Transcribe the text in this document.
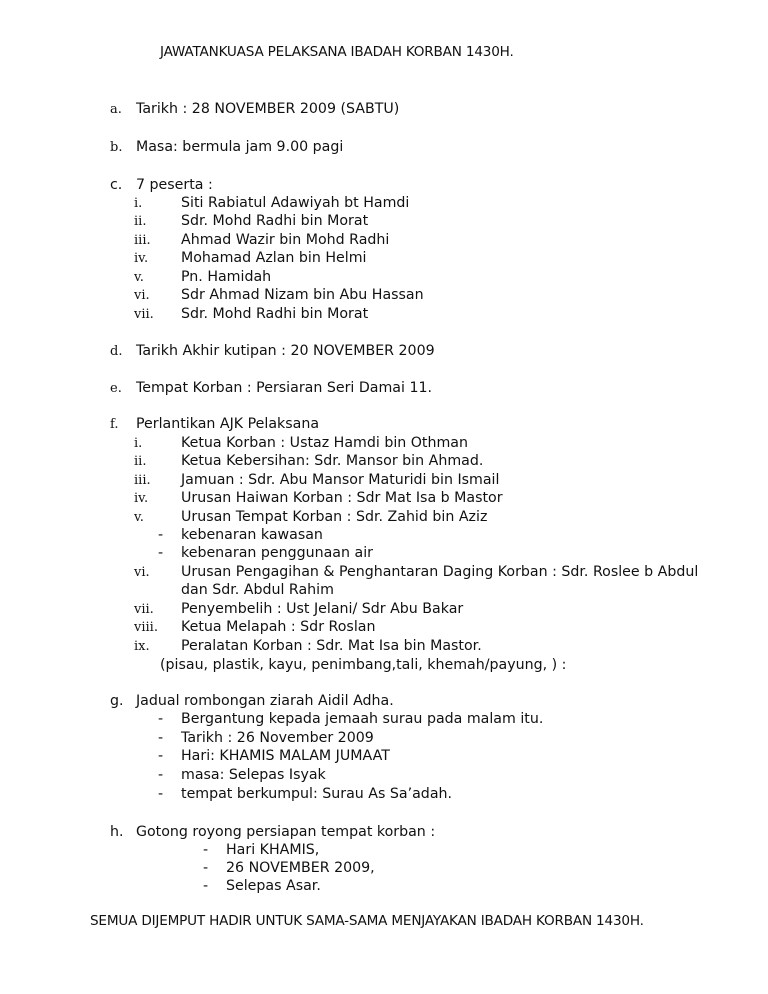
JAWATANKUASA PELAKSANA IBADAH KORBAN 1430H.
a. Tarikh : 28 NOVEMBER 2009 (SABTU)
b. Masa: bermula jam 9.00 pagi
c. 7 peserta :
i.	Siti Rabiatul Adawiyah bt Hamdi
ii. Sdr. Mohd Radhi bin Morat
iii. Ahmad Wazir bin Mohd Radhi
iv. Mohamad Azlan bin Helmi
v.	Pn. Hamidah
vi. Sdr Ahmad Nizam bin Abu Hassan
vii. Sdr. Mohd Radhi bin Morat
d. Tarikh Akhir kutipan : 20 NOVEMBER 2009
e. Tempat Korban : Persiaran Seri Damai 11.
f. Perlantikan AJK Pelaksana
i.	Ketua Korban : Ustaz Hamdi bin Othman
ii. Ketua Kebersihan: Sdr. Mansor bin Ahmad.
iii. Jamuan : Sdr. Abu Mansor Maturidi bin Ismail
iv. Urusan Haiwan Korban : Sdr Mat Isa b Mastor
v.	Urusan Tempat Korban : Sdr. Zahid bin Aziz
- kebenaran kawasan
- kebenaran penggunaan air
vi. Urusan Pengagihan & Penghantaran Daging Korban : Sdr. Roslee b Abdul
dan Sdr. Abdul Rahim
vii. Penyembelih : Ust Jelani/ Sdr Abu Bakar
viii. Ketua Melapah : Sdr Roslan
ix. Peralatan Korban : Sdr. Mat Isa bin Mastor.
(pisau, plastik, kayu, penimbang,tali, khemah/payung, ) :
g. Jadual rombongan ziarah Aidil Adha.
- Bergantung kepada jemaah surau pada malam itu.
- Tarikh : 26 November 2009
- Hari: KHAMIS MALAM JUMAAT
- masa: Selepas Isyak
- tempat berkumpul: Surau As Sa’adah.
h. Gotong royong persiapan tempat korban :
- Hari KHAMIS,
- 26 NOVEMBER 2009,
- Selepas Asar.
SEMUA DIJEMPUT HADIR UNTUK SAMA-SAMA MENJAYAKAN IBADAH KORBAN 1430H.
